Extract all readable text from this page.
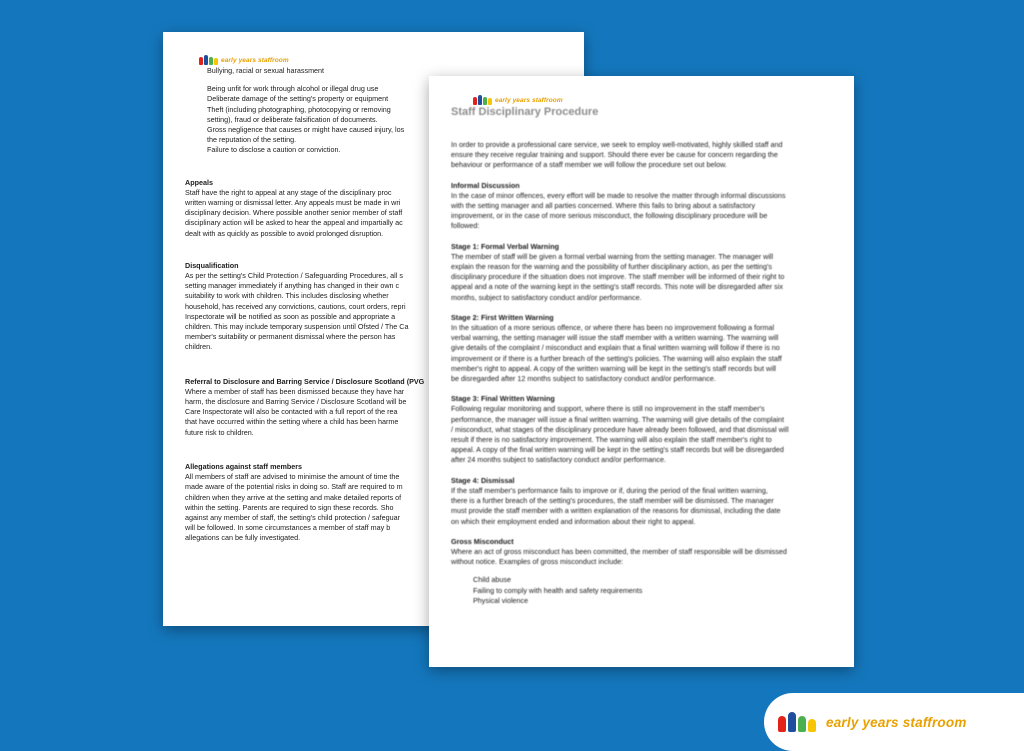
early years staffroom
• Bullying, racial or sexual harassment
• Being unfit for work through alcohol or illegal drug use
• Deliberate damage of the setting's property or equipment
• Theft (including photographing, photocopying or removing
setting), fraud or deliberate falsification of documents.
• Gross negligence that causes or might have caused injury, los
the reputation of the setting.
• Failure to disclose a caution or conviction.
Appeals

Staff have the right to appeal at any stage of the disciplinary proc

written warning or dismissal letter. Any appeals must be made in wri

disciplinary decision. Where possible another senior member of staff

disciplinary action will be asked to hear the appeal and impartially ac

dealt with as quickly as possible to avoid prolonged disruption.

Disqualification

As per the setting's Child Protection / Safeguarding Procedures, all s

setting manager immediately if anything has changed in their own c

suitability to work with children. This includes disclosing whether

household, has received any convictions, cautions, court orders, repri

Inspectorate will be notified as soon as possible and appropriate a

children. This may include temporary suspension until Ofsted / The Ca

member's suitability or permanent dismissal where the person has

children.

Referral to Disclosure and Barring Service / Disclosure Scotland (PVG

Where a member of staff has been dismissed because they have har

harm, the disclosure and Barring Service / Disclosure Scotland will be

Care Inspectorate will also be contacted with a full report of the rea

that have occurred within the setting where a child has been harme

future risk to children.

Allegations against staff members

All members of staff are advised to minimise the amount of time the

made aware of the potential risks in doing so. Staff are required to m

children when they arrive at the setting and make detailed reports of

within the setting. Parents are required to sign these records. Sho

against any member of staff, the setting's child protection / safeguar

will be followed. In some circumstances a member of staff may b

allegations can be fully investigated.

early years staffroom
Staff Disciplinary Procedure

In order to provide a professional care service, we seek to employ well-motivated, highly skilled staff and

ensure they receive regular training and support. Should there ever be cause for concern regarding the

behaviour or performance of a staff member we will follow the procedure set out below.

Informal Discussion

In the case of minor offences, every effort will be made to resolve the matter through informal discussions

with the setting manager and all parties concerned. Where this fails to bring about a satisfactory

improvement, or in the case of more serious misconduct, the following disciplinary procedure will be

followed:

Stage 1: Formal Verbal Warning

The member of staff will be given a formal verbal warning from the setting manager. The manager will

explain the reason for the warning and the possibility of further disciplinary action, as per the setting's

disciplinary procedure if the situation does not improve. The staff member will be informed of their right to

appeal and a note of the warning kept in the setting's staff records. This note will be disregarded after six

months, subject to satisfactory conduct and/or performance.

Stage 2: First Written Warning

In the situation of a more serious offence, or where there has been no improvement following a formal

verbal warning, the setting manager will issue the staff member with a written warning. The warning will

give details of the complaint / misconduct and explain that a final written warning will follow if there is no

improvement or if there is a further breach of the setting's policies. The warning will also explain the staff

member's right to appeal. A copy of the written warning will be kept in the setting's staff records but will

be disregarded after 12 months subject to satisfactory conduct and/or performance.

Stage 3: Final Written Warning

Following regular monitoring and support, where there is still no improvement in the staff member's

performance, the manager will issue a final written warning. The warning will give details of the complaint

/ misconduct, what stages of the disciplinary procedure have already been followed, and that dismissal will

result if there is no satisfactory improvement. The warning will also explain the staff member's right to

appeal. A copy of the final written warning will be kept in the setting's staff records but will be disregarded

after 24 months subject to satisfactory conduct and/or performance.

Stage 4: Dismissal

If the staff member's performance fails to improve or if, during the period of the final written warning,

there is a further breach of the setting's procedures, the staff member will be dismissed. The manager

must provide the staff member with a written explanation of the reasons for dismissal, including the date

on which their employment ended and information about their right to appeal.

Gross Misconduct

Where an act of gross misconduct has been committed, the member of staff responsible will be dismissed

without notice. Examples of gross misconduct include:

• Child abuse
• Failing to comply with health and safety requirements
• Physical violence
early years staffroom
